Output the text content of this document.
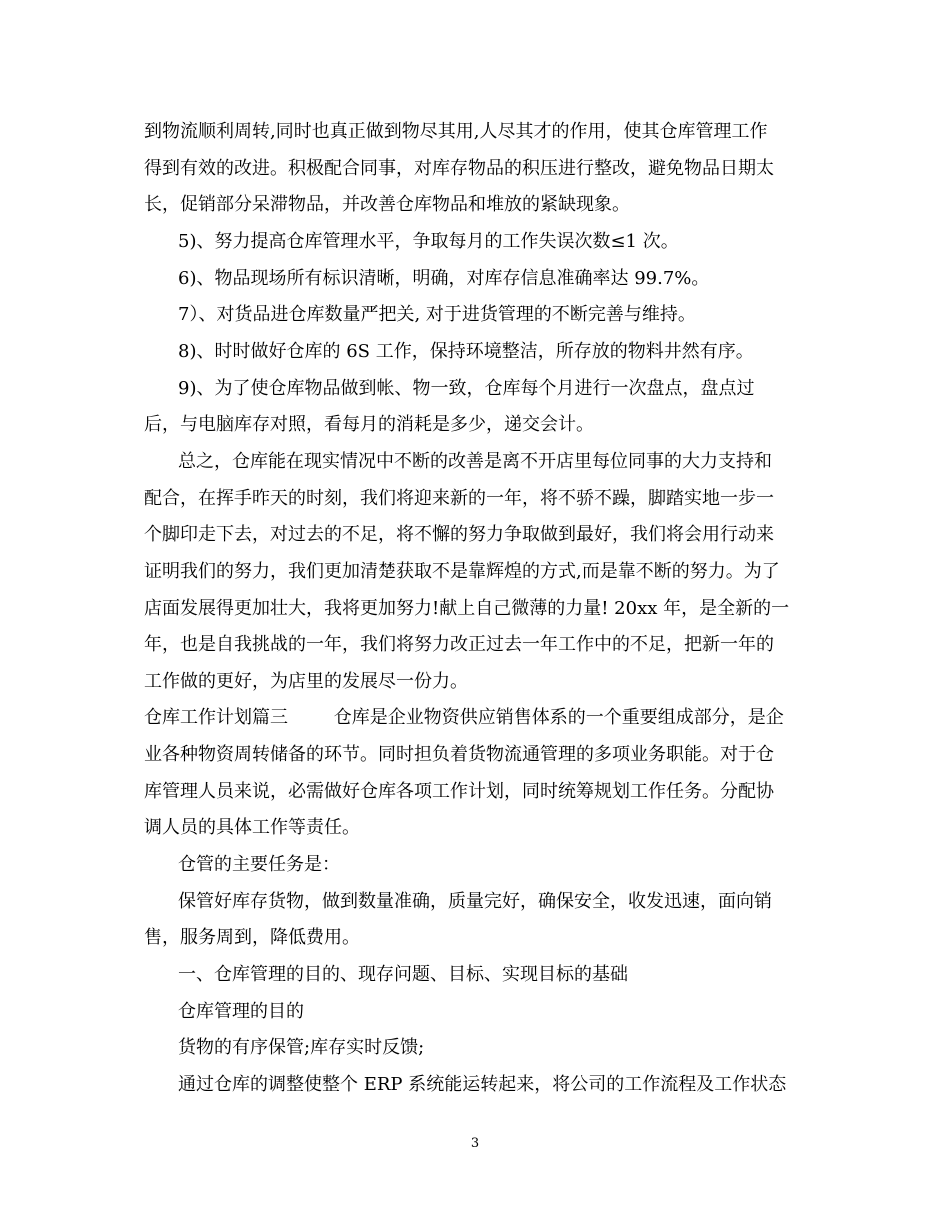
到物流顺利周转,同时也真正做到物尽其用,人尽其才的作用，使其仓库管理工作
得到有效的改进。积极配合同事，对库存物品的积压进行整改，避免物品日期太
长，促销部分呆滞物品，并改善仓库物品和堆放的紧缺现象。
5)、努力提高仓库管理水平，争取每月的工作失误次数≤1 次。
6)、物品现场所有标识清晰，明确，对库存信息准确率达 99.7%。
7）、对货品进仓库数量严把关, 对于进货管理的不断完善与维持。
8)、时时做好仓库的 6S 工作，保持环境整洁，所存放的物料井然有序。
9)、为了使仓库物品做到帐、物一致，仓库每个月进行一次盘点，盘点过
后，与电脑库存对照，看每月的消耗是多少，递交会计。
总之，仓库能在现实情况中不断的改善是离不开店里每位同事的大力支持和
配合，在挥手昨天的时刻，我们将迎来新的一年，将不骄不躁，脚踏实地一步一
个脚印走下去，对过去的不足，将不懈的努力争取做到最好，我们将会用行动来
证明我们的努力，我们更加清楚获取不是靠辉煌的方式,而是靠不断的努力。为了
店面发展得更加壮大，我将更加努力!献上自己微薄的力量! 20xx 年，是全新的一
年，也是自我挑战的一年，我们将努力改正过去一年工作中的不足，把新一年的
工作做的更好，为店里的发展尽一份力。
仓库工作计划篇三        仓库是企业物资供应销售体系的一个重要组成部分，是企
业各种物资周转储备的环节。同时担负着货物流通管理的多项业务职能。对于仓
库管理人员来说，必需做好仓库各项工作计划，同时统筹规划工作任务。分配协
调人员的具体工作等责任。
仓管的主要任务是：
保管好库存货物，做到数量准确，质量完好，确保安全，收发迅速，面向销
售，服务周到，降低费用。
一、仓库管理的目的、现存问题、目标、实现目标的基础
仓库管理的目的
货物的有序保管;库存实时反馈;
通过仓库的调整使整个 ERP 系统能运转起来，将公司的工作流程及工作状态
3
